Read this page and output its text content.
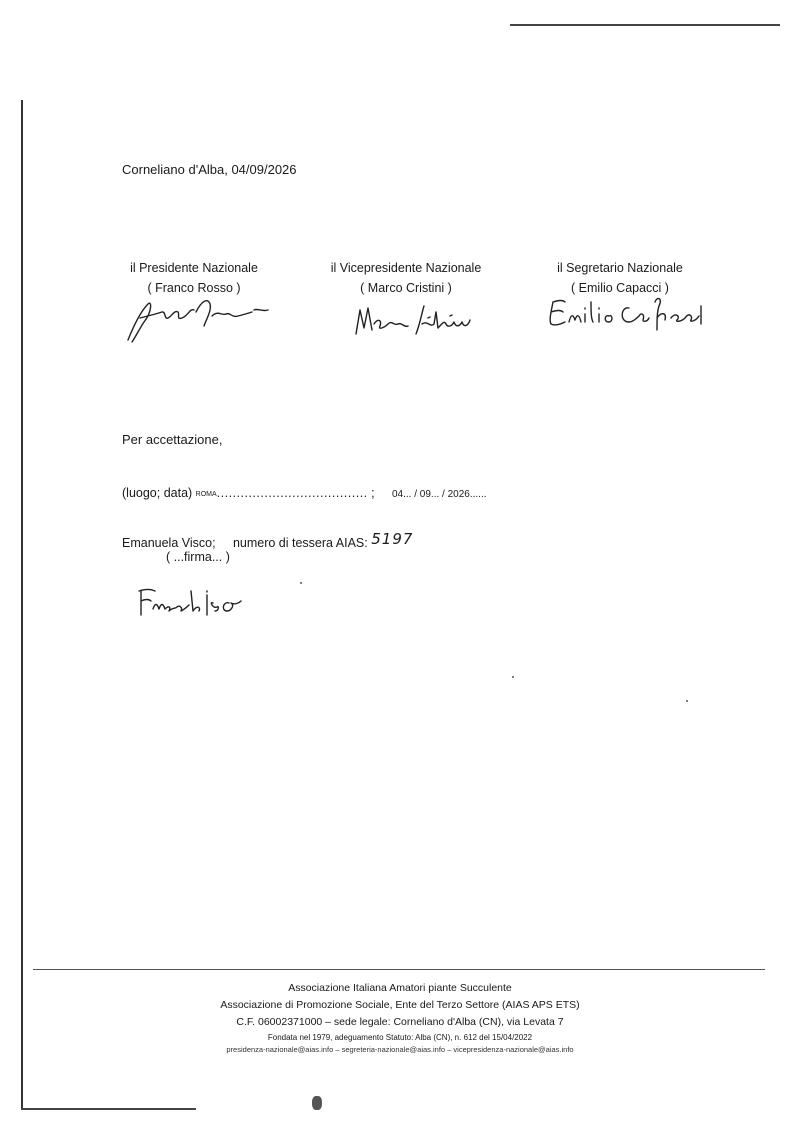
Corneliano d'Alba, 04/09/2026
il Presidente Nazionale
( Franco Rosso )
il Vicepresidente Nazionale
( Marco Cristini )
il Segretario Nazionale
( Emilio Capacci )
Per accettazione,
(luogo; data) ROMA...................................... ; 04... / 09... / 2026......
Emanuela Visco; numero di tessera AIAS: 5197
( ...firma... )
Associazione Italiana Amatori piante Succulente
Associazione di Promozione Sociale, Ente del Terzo Settore (AIAS APS ETS)
C.F. 06002371000 – sede legale: Corneliano d'Alba (CN), via Levata 7
Fondata nel 1979, adeguamento Statuto: Alba (CN), n. 612 del 15/04/2022
presidenza-nazionale@aias.info – segreteria-nazionale@aias.info – vicepresidenza-nazionale@aias.info
